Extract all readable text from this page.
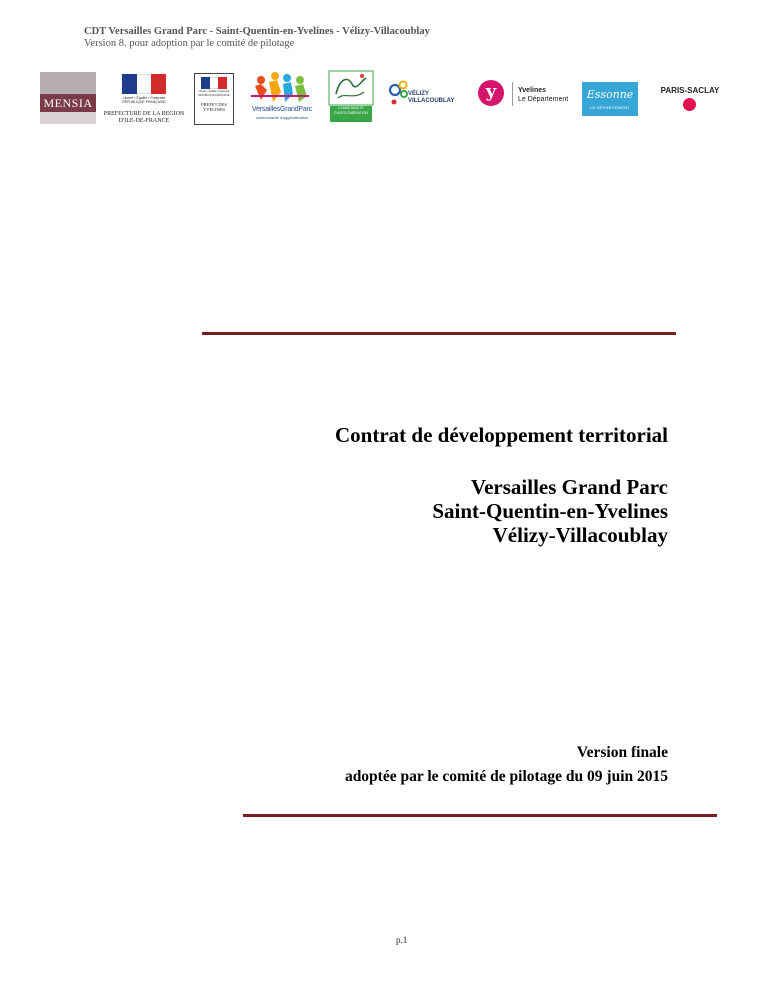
CDT Versailles Grand Parc - Saint-Quentin-en-Yvelines - Vélizy-Villacoublay
Version 8. pour adoption par le comité de pilotage
MENSIA	Liberté • Égalité • Fraternité RÉPUBLIQUE FRANÇAISE
PREFECTURE DE LA REGION D'ILE-DE-FRANCE
Liberté • Égalité • Fraternité RÉPUBLIQUE FRANÇAISE
PREFET DES YVELINES	VersaillesGrandParc
communauté d'agglomération
COMMUNAUTÉ D'AGGLOMÉRATION
VÉLIZY
VILLACOUBLAY	y	Yvelines
Le Département	Essonne
LE DÉPARTEMENT
PARIS-SACLAY
Contrat de développement territorial
Versailles Grand Parc
Saint-Quentin-en-Yvelines
Vélizy-Villacoublay
Version finale
adoptée par le comité de pilotage du 09 juin 2015
p.1
